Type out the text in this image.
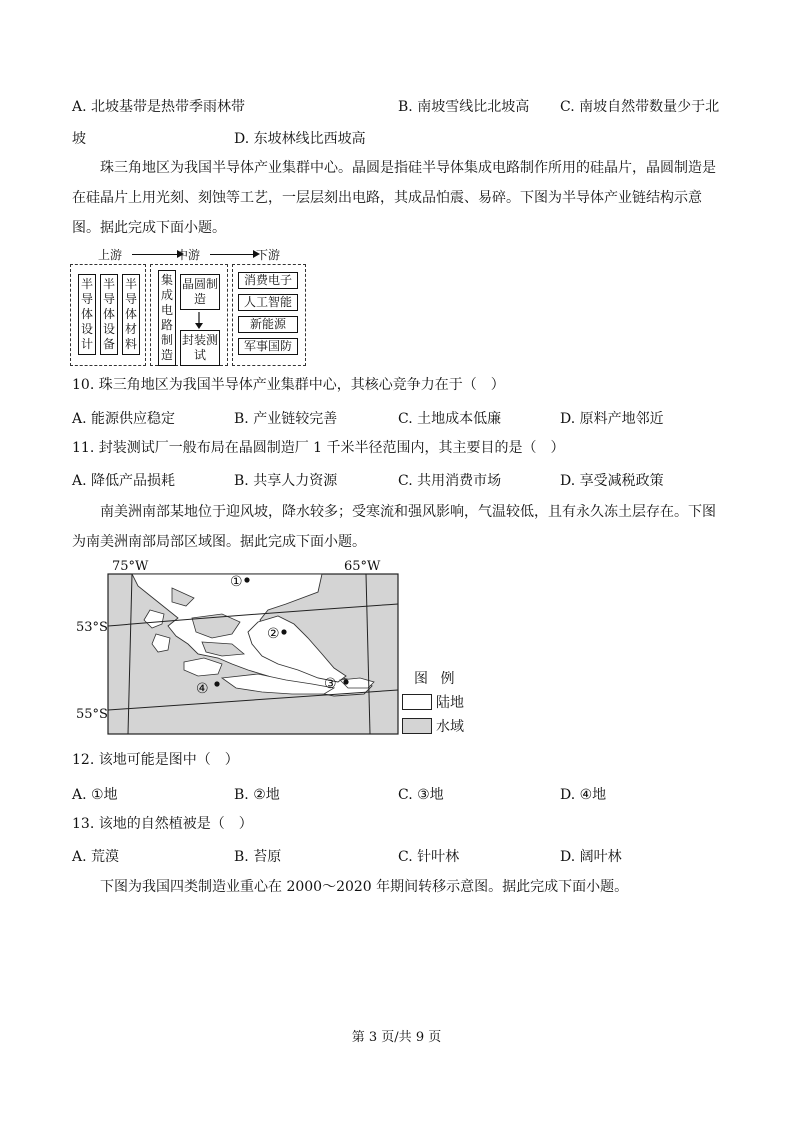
A. 北坡基带是热带季雨林带	B. 南坡雪线比北坡高 C. 南坡自然带数量少于北
坡	D. 东坡林线比西坡高
珠三角地区为我国半导体产业集群中心。晶圆是指硅半导体集成电路制作所用的硅晶片，晶圆制造是在硅晶片上用光刻、刻蚀等工艺，一层层刻出电路，其成品怕震、易碎。下图为半导体产业链结构示意图。据此完成下面小题。
上游	中游	下游
半导体设计
半导体设备
半导体材料
集成电路制造
晶圆制造
封装测试
消费电子
人工智能
新能源
军事国防
10. 珠三角地区为我国半导体产业集群中心，其核心竞争力在于（　）
A. 能源供应稳定	B. 产业链较完善	C. 土地成本低廉	D. 原料产地邻近
11. 封装测试厂一般布局在晶圆制造厂 1 千米半径范围内，其主要目的是（　）
A. 降低产品损耗	B. 共享人力资源	C. 共用消费市场	D. 享受减税政策
南美洲南部某地位于迎风坡，降水较多；受寒流和强风影响，气温较低，且有永久冻土层存在。下图为南美洲南部局部区域图。据此完成下面小题。
①
②
③
④
75°W	65°W
53°S
55°S
图 例
陆地
水域
12. 该地可能是图中（　）
A. ①地	B. ②地	C. ③地	D. ④地
13. 该地的自然植被是（　）
A. 荒漠	B. 苔原	C. 针叶林	D. 阔叶林
下图为我国四类制造业重心在 2000～2020 年期间转移示意图。据此完成下面小题。
第 3 页/共 9 页
